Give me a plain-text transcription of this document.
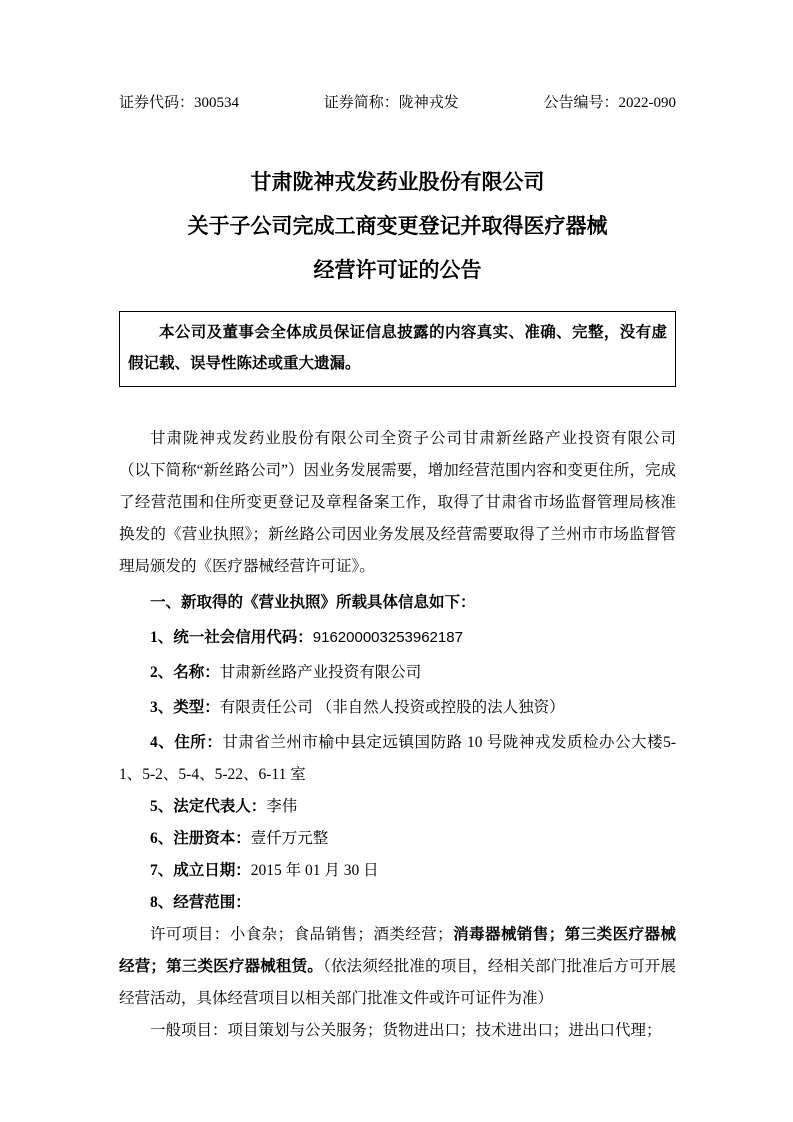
证券代码：300534	证券简称：陇神戎发	公告编号：2022-090
甘肃陇神戎发药业股份有限公司
关于子公司完成工商变更登记并取得医疗器械
经营许可证的公告

本公司及董事会全体成员保证信息披露的内容真实、准确、完整，没有虚假记载、误导性陈述或重大遗漏。

甘肃陇神戎发药业股份有限公司全资子公司甘肃新丝路产业投资有限公司（以下简称“新丝路公司”）因业务发展需要，增加经营范围内容和变更住所，完成了经营范围和住所变更登记及章程备案工作，取得了甘肃省市场监督管理局核准换发的《营业执照》；新丝路公司因业务发展及经营需要取得了兰州市市场监督管理局颁发的《医疗器械经营许可证》。

一、新取得的《营业执照》所载具体信息如下：

1、统一社会信用代码：916200003253962187

2、名称：甘肃新丝路产业投资有限公司

3、类型：有限责任公司 （非自然人投资或控股的法人独资）

4、住所：甘肃省兰州市榆中县定远镇国防路 10 号陇神戎发质检办公大楼5-1、5-2、5-4、5-22、6-11 室

5、法定代表人：李伟

6、注册资本：壹仟万元整

7、成立日期：2015 年 01 月 30 日

8、经营范围：

许可项目：小食杂；食品销售；酒类经营；消毒器械销售；第三类医疗器械经营；第三类医疗器械租赁。（依法须经批准的项目，经相关部门批准后方可开展经营活动，具体经营项目以相关部门批准文件或许可证件为准）

一般项目：项目策划与公关服务；货物进出口；技术进出口；进出口代理；
